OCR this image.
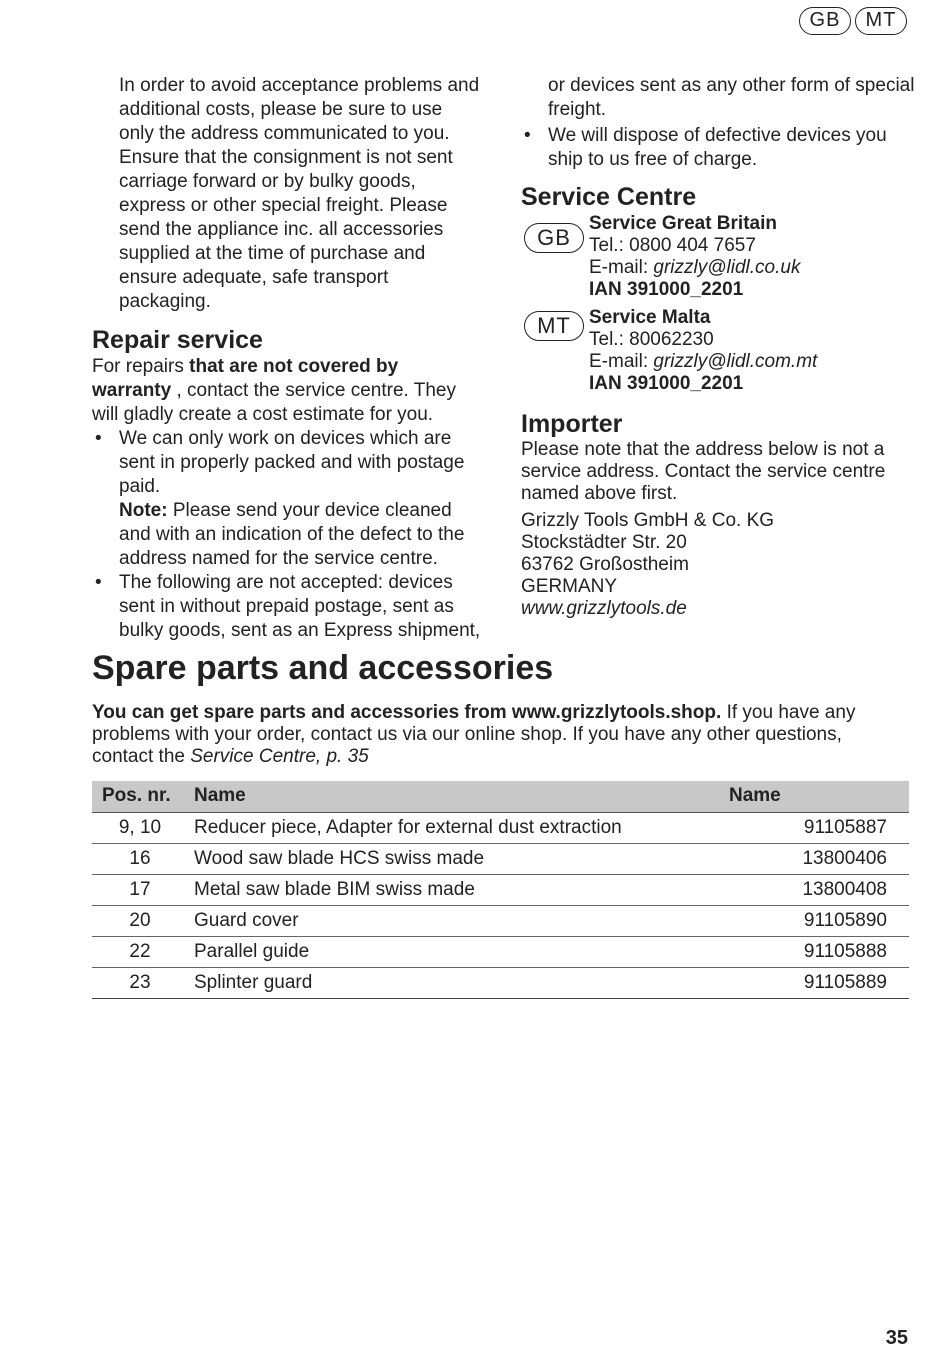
GB	MT

In order to avoid acceptance problems and additional costs, please be sure to use only the address communicated to you. Ensure that the consignment is not sent carriage forward or by bulky goods, express or other special freight. Please send the appliance inc. all accessories supplied at the time of purchase and ensure adequate, safe transport packaging.

Repair service

For repairs that are not covered by warranty , contact the service centre. They will gladly create a cost estimate for you.

• We can only work on devices which are sent in properly packed and with postage paid.
Note: Please send your device cleaned and with an indication of the defect to the address named for the service centre.
• The following are not accepted: devices sent in without prepaid postage, sent as bulky goods, sent as an Express shipment,

or devices sent as any other form of special freight.

• We will dispose of defective devices you ship to us free of charge.
Service Centre
GB
Service Great Britain
Tel.: 0800 404 7657
E-mail: grizzly@lidl.co.uk
IAN 391000_2201
MT Service Malta
Tel.: 80062230
E-mail: grizzly@lidl.com.mt
IAN 391000_2201
Importer

Please note that the address below is not a service address. Contact the service centre named above first.

Grizzly Tools GmbH & Co. KG

Stockstädter Str. 20

63762 Großostheim

GERMANY

www.grizzlytools.de

Spare parts and accessories

You can get spare parts and accessories from www.grizzlytools.shop. If you have any problems with your order, contact us via our online shop. If you have any other questions, contact the Service Centre, p. 35

Pos. nr.	Name	Name
9, 10	Reducer piece, Adapter for external dust extraction	91105887
16	Wood saw blade HCS swiss made	13800406
17	Metal saw blade BIM swiss made	13800408
20	Guard cover	91105890
22	Parallel guide	91105888
23	Splinter guard	91105889
35
